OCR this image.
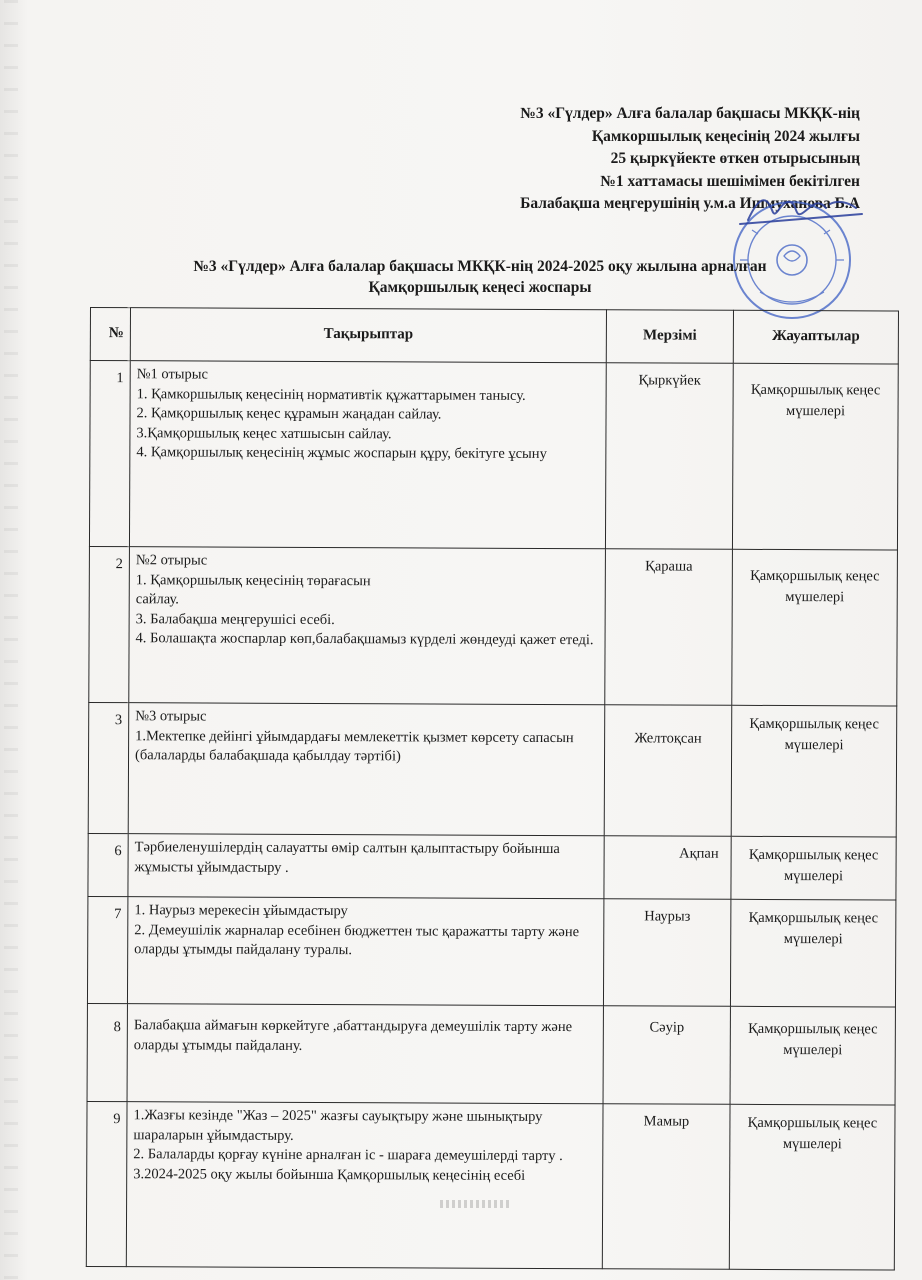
№3 «Гүлдер» Алға балалар бақшасы МКҚК-нің
Қамкоршылық кеңесінің 2024 жылғы
25 қыркүйекте өткен отырысының
№1 хаттамасы шешімімен бекітілген
Балабақша меңгерушінің у.м.а Ишмуханова Б.А
№3 «Гүлдер» Алға балалар бақшасы МКҚК-нің 2024-2025 оқу жылына арналған
Қамқоршылық кеңесі жоспары
№	Тақырыптар	Мерзімі	Жауаптылар
1	№1 отырыс
1. Қамкоршылық кеңесінің нормативтік құжаттарымен танысу.
2. Қамқоршылық кеңес құрамын жаңадан сайлау.
3.Қамқоршылық кеңес хатшысын сайлау.
4. Қамқоршылық кеңесінің жұмыс жоспарын құру, бекітуге ұсыну	Қыркүйек	Қамқоршылық кеңес мүшелері
2	№2 отырыс
1. Қамқоршылық кеңесінің төрағасын
сайлау.
3. Балабақша меңгерушісі есебі.
4. Болашақта жоспарлар көп,балабақшамыз күрделі жөндеуді қажет етеді.	Қараша	Қамқоршылық кеңес мүшелері
3	№3 отырыс
1.Мектепке дейінгі ұйымдардағы мемлекеттік қызмет көрсету сапасын (балаларды балабақшада қабылдау тәртібі)	Желтоқсан	Қамқоршылық кеңес мүшелері
6	Тәрбиеленушілердің салауатты өмір салтын қалыптастыру бойынша жұмысты ұйымдастыру .	Ақпан	Қамқоршылық кеңес мүшелері
7	1. Наурыз мерекесін ұйымдастыру
2. Демеушілік жарналар есебінен бюджеттен тыс қаражатты тарту және оларды ұтымды пайдалану туралы.	Наурыз	Қамқоршылық кеңес мүшелері
8	Балабақша аймағын көркейтуге ,абаттандыруға демеушілік тарту және оларды ұтымды пайдалану.	Сәуір	Қамқоршылық кеңес мүшелері
9	1.Жазғы кезінде "Жаз – 2025" жазғы сауықтыру және шынықтыру шараларын ұйымдастыру.
2. Балаларды қорғау күніне арналған іс - шараға демеушілерді тарту .
3.2024-2025 оқу жылы бойынша Қамқоршылық кеңесінің есебі	Мамыр	Қамқоршылық кеңес мүшелері
